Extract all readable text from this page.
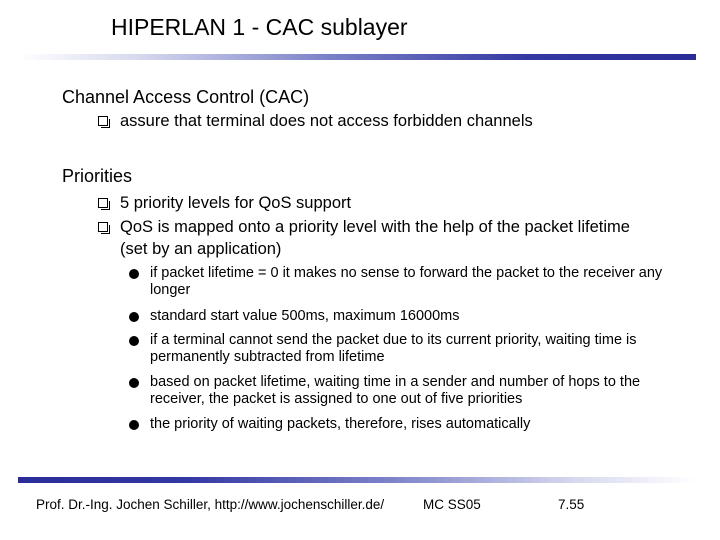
HIPERLAN 1 - CAC sublayer
Channel Access Control (CAC)
assure that terminal does not access forbidden channels
Priorities
5 priority levels for QoS support
QoS is mapped onto a priority level with the help of the packet lifetime (set by an application)
if packet lifetime = 0 it makes no sense to forward the packet to the receiver any longer
standard start value 500ms, maximum 16000ms
if a terminal cannot send the packet due to its current priority, waiting time is permanently subtracted from lifetime
based on packet lifetime, waiting time in a sender and number of hops to the receiver, the packet is assigned to one out of five priorities
the priority of waiting packets, therefore, rises automatically
Prof. Dr.-Ing. Jochen Schiller, http://www.jochenschiller.de/	MC SS05	7.55
